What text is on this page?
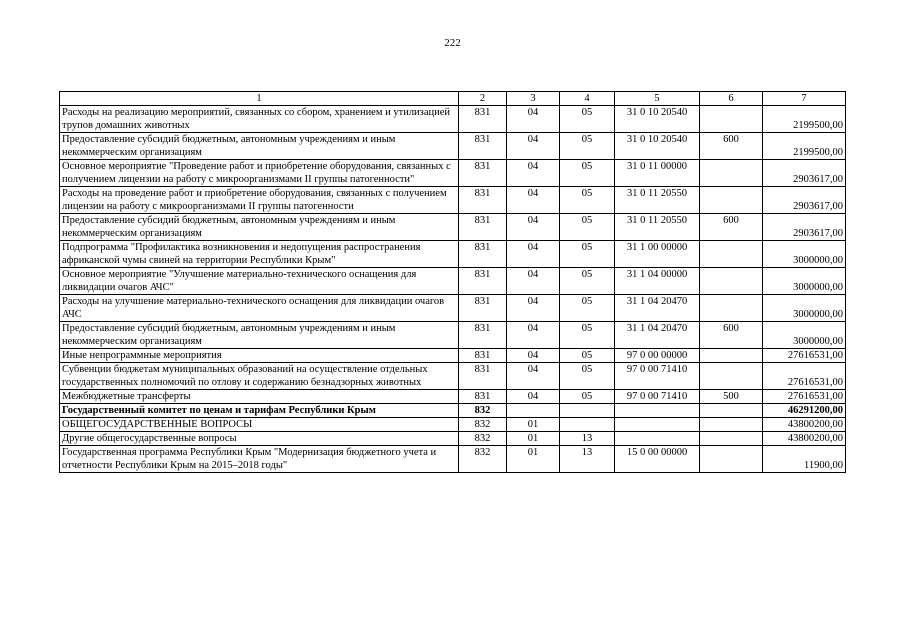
222
1	2	3	4	5	6	7
Расходы на реализацию мероприятий, связанных со сбором, хранением и утилизацией трупов домашних животных	831	04	05	31 0 10 20540		2199500,00
Предоставление субсидий бюджетным, автономным учреждениям и иным некоммерческим организациям	831	04	05	31 0 10 20540	600	2199500,00
Основное мероприятие "Проведение работ и приобретение оборудования, связанных с получением лицензии на работу с микроорганизмами II группы патогенности"	831	04	05	31 0 11 00000		2903617,00
Расходы на проведение работ и приобретение оборудования, связанных с получением лицензии на работу с микроорганизмами II группы патогенности	831	04	05	31 0 11 20550		2903617,00
Предоставление субсидий бюджетным, автономным учреждениям и иным некоммерческим организациям	831	04	05	31 0 11 20550	600	2903617,00
Подпрограмма "Профилактика возникновения и недопущения распространения африканской чумы свиней на территории Республики Крым"	831	04	05	31 1 00 00000		3000000,00
Основное мероприятие "Улучшение материально-технического оснащения для ликвидации очагов АЧС"	831	04	05	31 1 04 00000		3000000,00
Расходы на улучшение материально-технического оснащения для ликвидации очагов АЧС	831	04	05	31 1 04 20470		3000000,00
Предоставление субсидий бюджетным, автономным учреждениям и иным некоммерческим организациям	831	04	05	31 1 04 20470	600	3000000,00
Иные непрограммные мероприятия	831	04	05	97 0 00 00000		27616531,00
Субвенции бюджетам муниципальных образований на осуществление отдельных государственных полномочий по отлову и содержанию безнадзорных животных	831	04	05	97 0 00 71410		27616531,00
Межбюджетные трансферты	831	04	05	97 0 00 71410	500	27616531,00
Государственный комитет по ценам и тарифам Республики Крым	832					46291200,00
ОБЩЕГОСУДАРСТВЕННЫЕ ВОПРОСЫ	832	01				43800200,00
Другие общегосударственные вопросы	832	01	13			43800200,00
Государственная программа Республики Крым "Модернизация бюджетного учета и отчетности Республики Крым на 2015–2018 годы"	832	01	13	15 0 00 00000		11900,00
